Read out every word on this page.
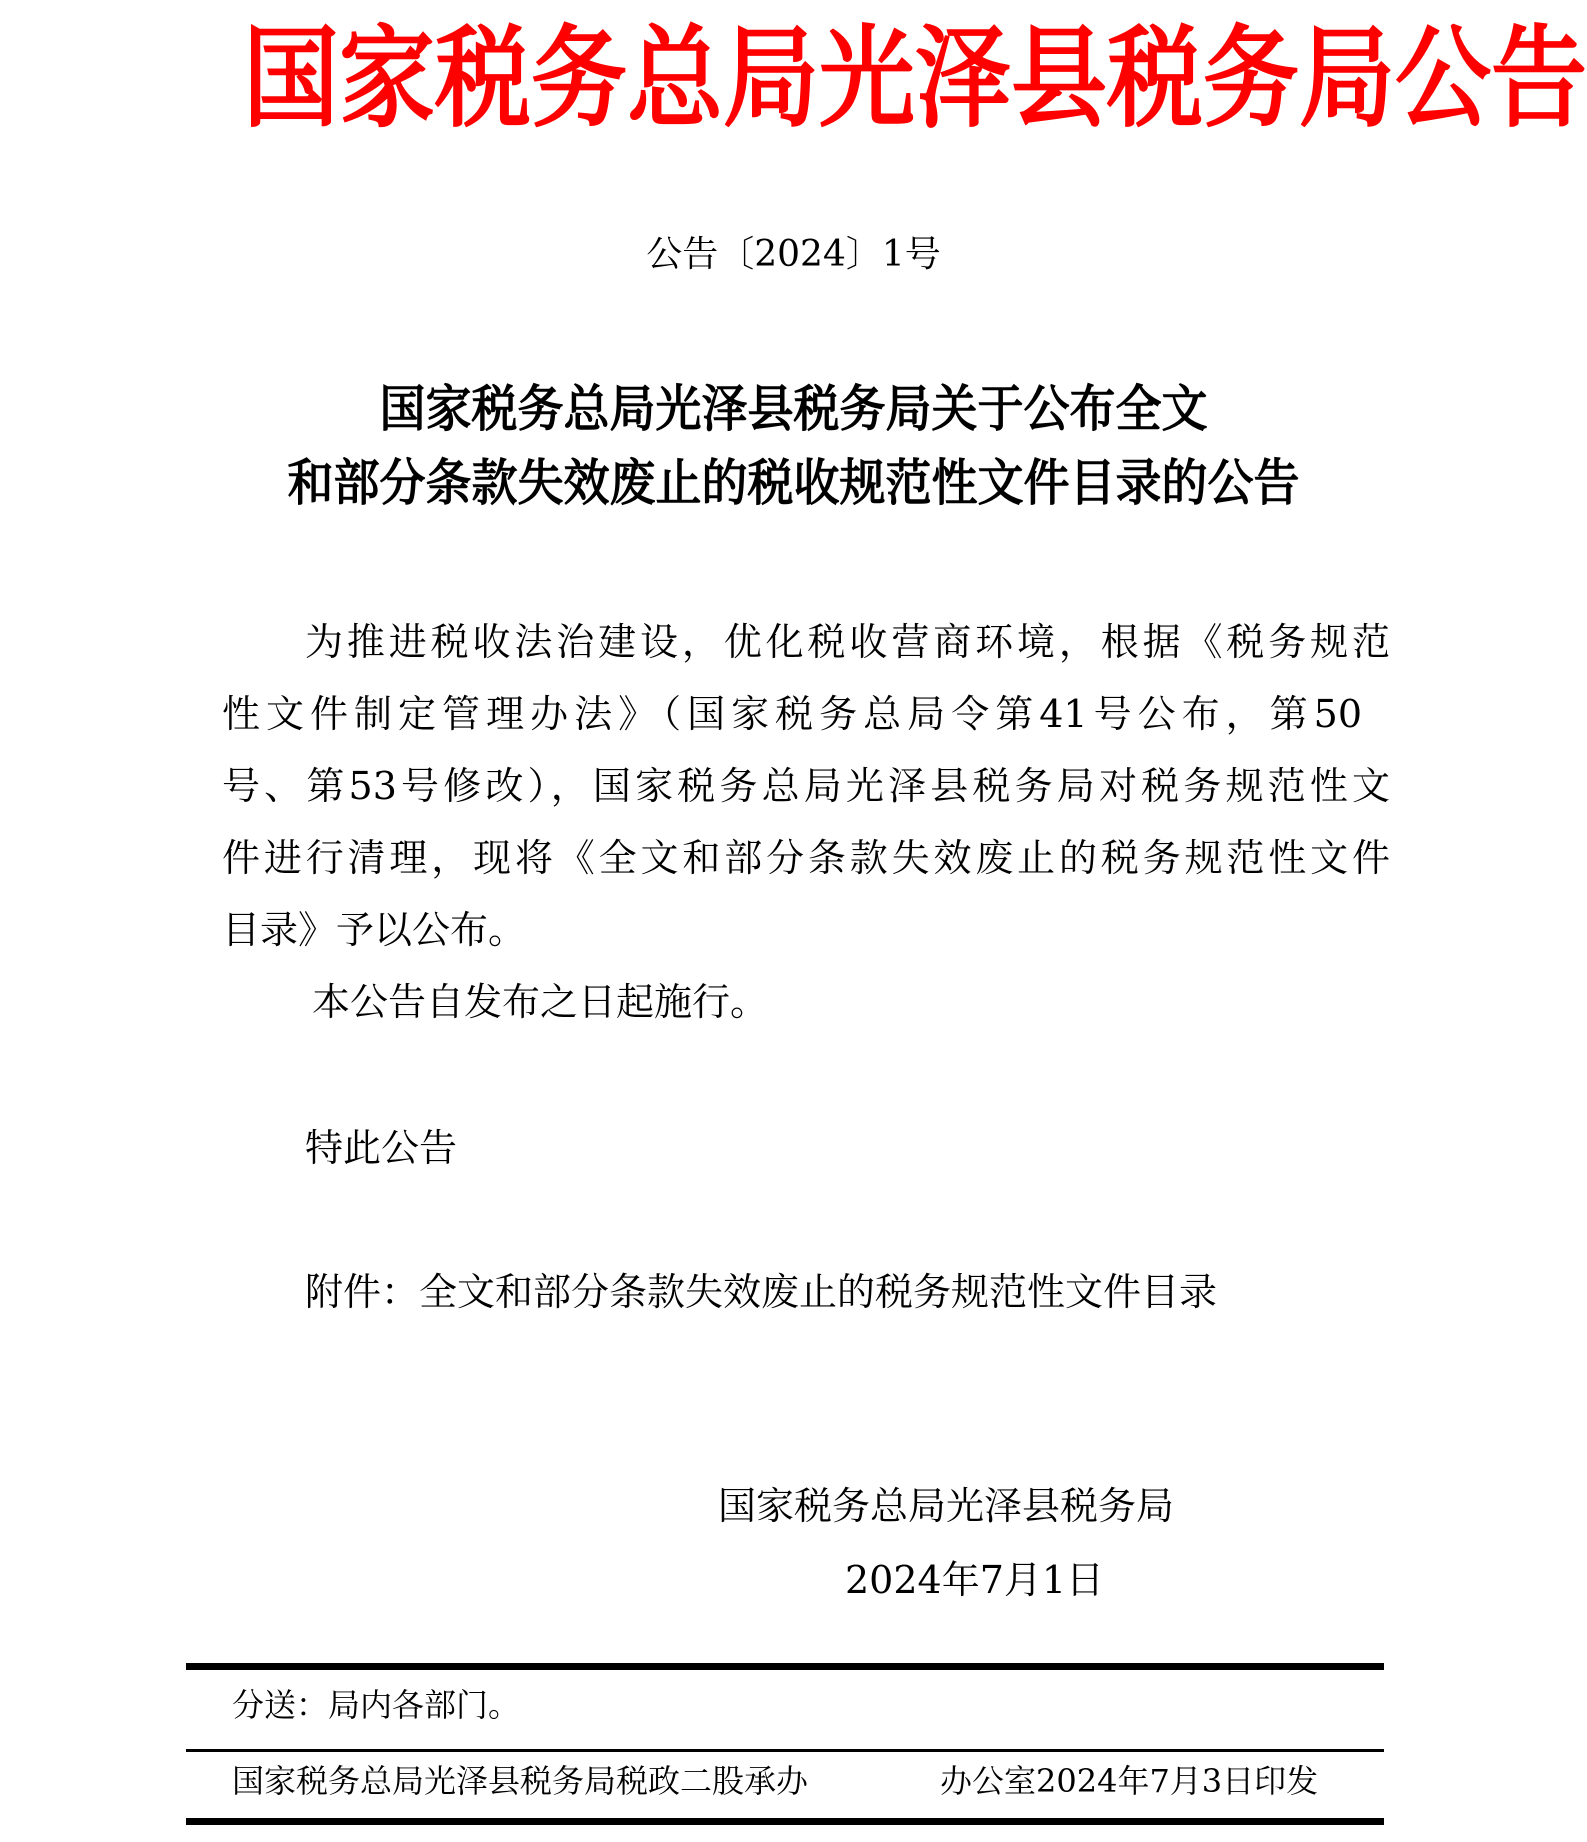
国家税务总局光泽县税务局公告
公告〔2024〕1号
国家税务总局光泽县税务局关于公布全文
和部分条款失效废止的税收规范性文件目录的公告
为推进税收法治建设，优化税收营商环境，根据《税务规范
性文件制定管理办法》（国家税务总局令第41号公布，第50
号、第53号修改），国家税务总局光泽县税务局对税务规范性文
件进行清理，现将《全文和部分条款失效废止的税务规范性文件
目录》予以公布。
本公告自发布之日起施行。
特此公告
附件：全文和部分条款失效废止的税务规范性文件目录
国家税务总局光泽县税务局
2024年7月1日
分送：局内各部门。
国家税务总局光泽县税务局税政二股承办	办公室2024年7月3日印发
